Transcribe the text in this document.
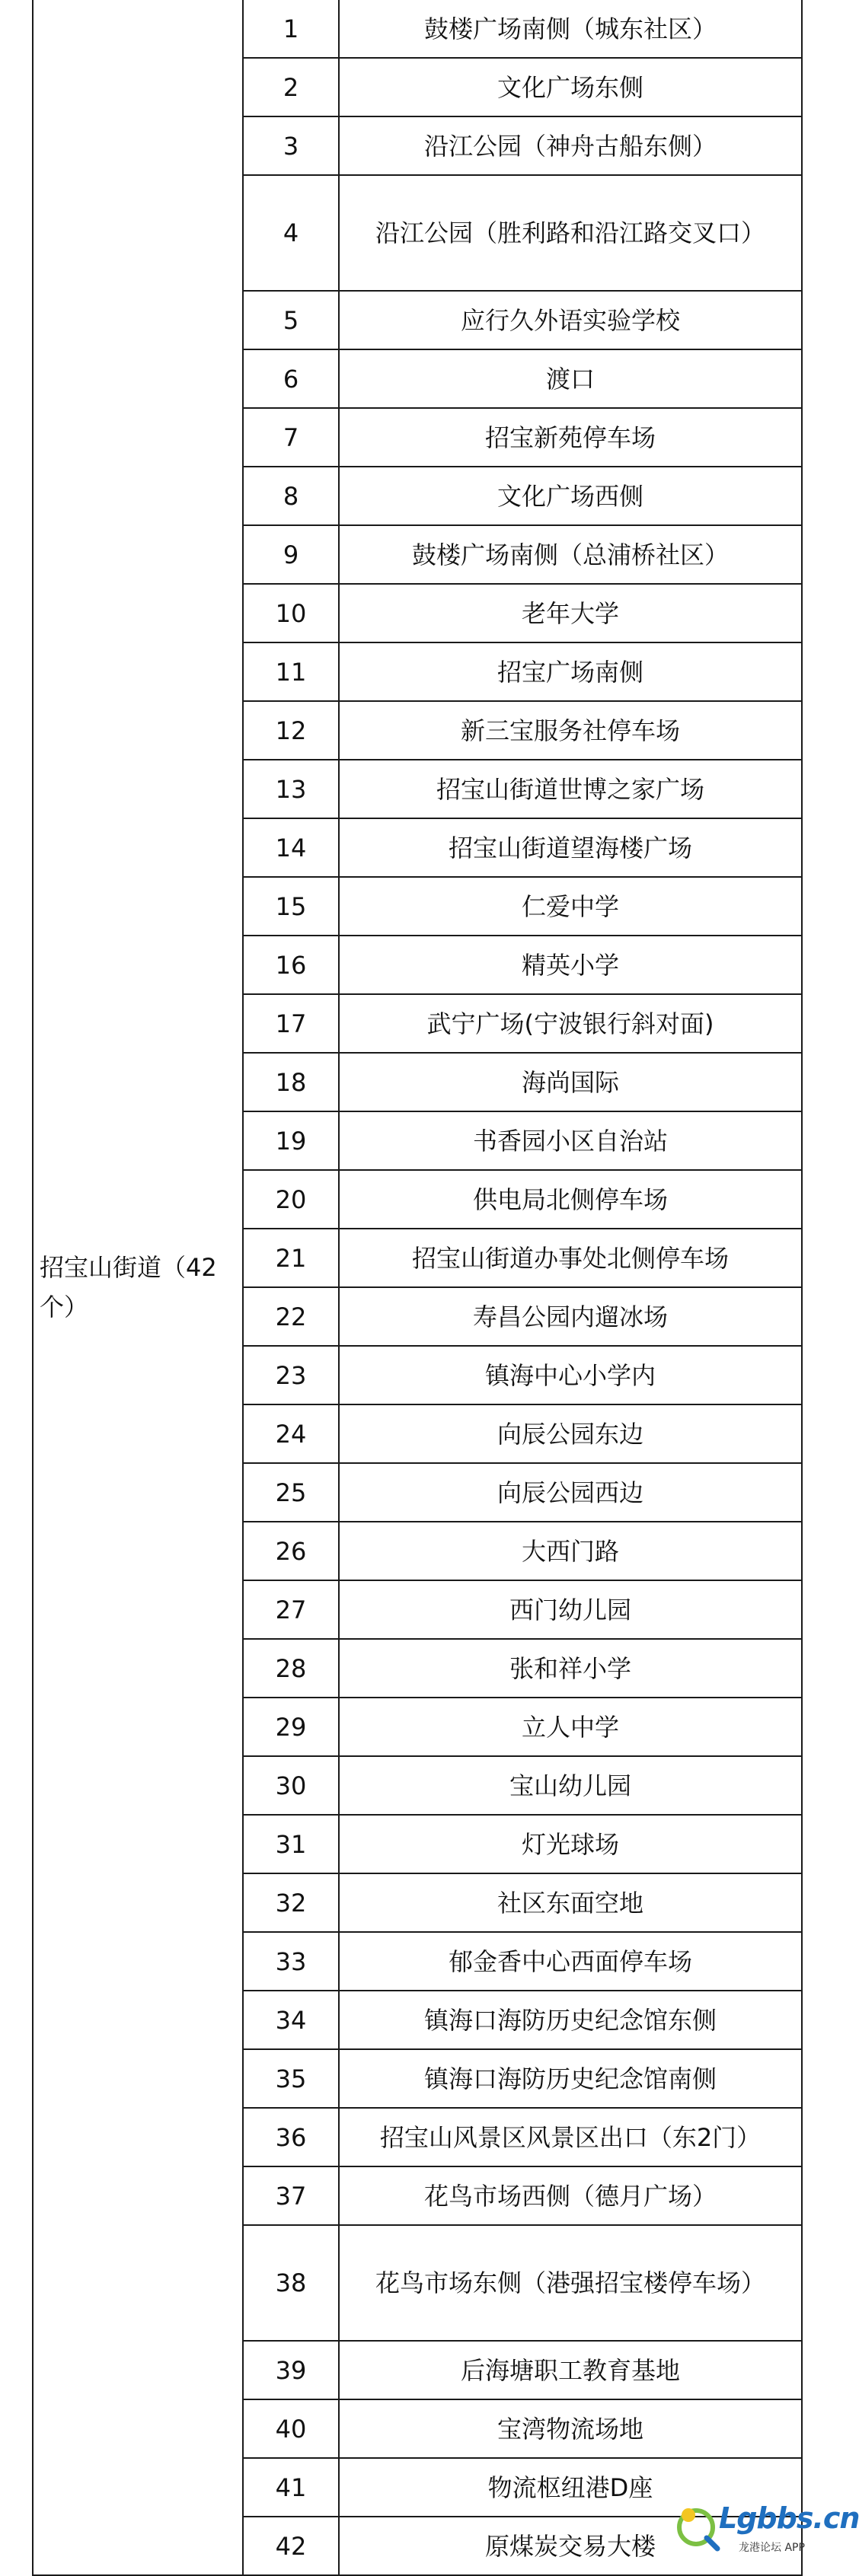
招宝山街道（42
个）	1	鼓楼广场南侧（城东社区）
	2	文化广场东侧
	3	沿江公园（神舟古船东侧）
	4	沿江公园（胜利路和沿江路交叉口）
	5	应行久外语实验学校
	6	渡口
	7	招宝新苑停车场
	8	文化广场西侧
	9	鼓楼广场南侧（总浦桥社区）
	10	老年大学
	11	招宝广场南侧
	12	新三宝服务社停车场
	13	招宝山街道世博之家广场
	14	招宝山街道望海楼广场
	15	仁爱中学
	16	精英小学
	17	武宁广场(宁波银行斜对面)
	18	海尚国际
	19	书香园小区自治站
	20	供电局北侧停车场
	21	招宝山街道办事处北侧停车场
	22	寿昌公园内遛冰场
	23	镇海中心小学内
	24	向辰公园东边
	25	向辰公园西边
	26	大西门路
	27	西门幼儿园
	28	张和祥小学
	29	立人中学
	30	宝山幼儿园
	31	灯光球场
	32	社区东面空地
	33	郁金香中心西面停车场
	34	镇海口海防历史纪念馆东侧
	35	镇海口海防历史纪念馆南侧
	36	招宝山风景区风景区出口（东2门）
	37	花鸟市场西侧（德月广场）
	38	花鸟市场东侧（港强招宝楼停车场）
	39	后海塘职工教育基地
	40	宝湾物流场地
	41	物流枢纽港D座
	42	原煤炭交易大楼
Lgbbs.cn
龙港论坛 APP
